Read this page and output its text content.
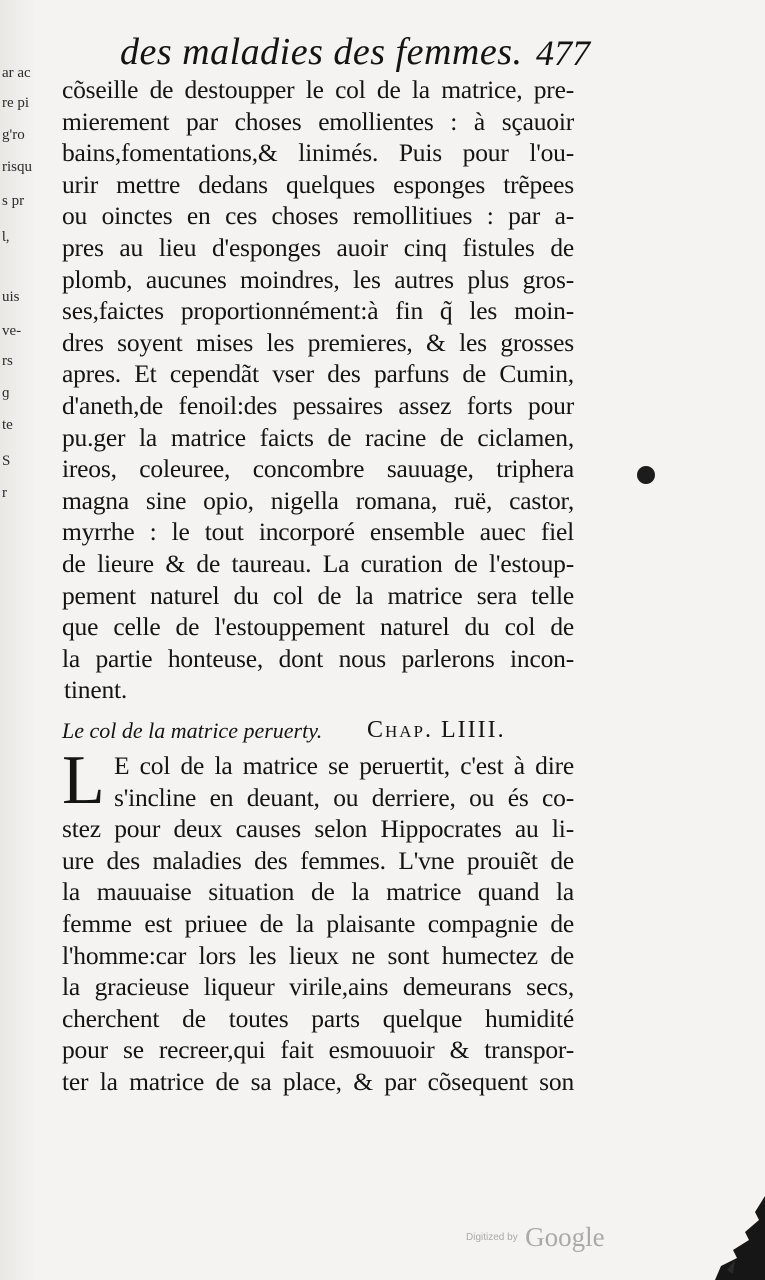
ar ac
re pi
g'ro
risqu
s pr
Ɩ,
uis
ve-
rs
ɡ
te
S
r
des maladies des femmes. 477
cõseille de destoupper le col de la matrice, pre-
mierement par choses emollientes : à sçauoir
bains,fomentations,& linimés. Puis pour l'ou-
urir mettre dedans quelques esponges trẽpees
ou oinctes en ces choses remollitiues : par a-
pres au lieu d'esponges auoir cinq fistules de
plomb, aucunes moindres, les autres plus gros-
ses,faictes proportionnément:à fin q̃ les moin-
dres soyent mises les premieres, & les grosses
apres. Et cependãt vser des parfuns de Cumin,
d'aneth,de fenoil:des pessaires assez forts pour
pu.ger la matrice faicts de racine de ciclamen,
ireos, coleuree, concombre sauuage, triphera
magna sine opio, nigella romana, ruë, castor,
myrrhe : le tout incorporé ensemble auec fiel
de lieure & de taureau. La curation de l'estoup-
pement naturel du col de la matrice sera telle
que celle de l'estouppement naturel du col de
la partie honteuse, dont nous parlerons incon-
tinent.
Le col de la matrice peruerty. Chap. LIIII.
L E col de la matrice se peruertit, c'est à dire
s'incline en deuant, ou derriere, ou és co-
stez pour deux causes selon Hippocrates au li-
ure des maladies des femmes. L'vne prouiẽt de
la mauuaise situation de la matrice quand la
femme est priuee de la plaisante compagnie de
l'homme:car lors les lieux ne sont humectez de
la gracieuse liqueur virile,ains demeurans secs,
cherchent de toutes parts quelque humidité
pour se recreer,qui fait esmouuoir & transpor-
ter la matrice de sa place, & par cõsequent son
Digitized by Google
